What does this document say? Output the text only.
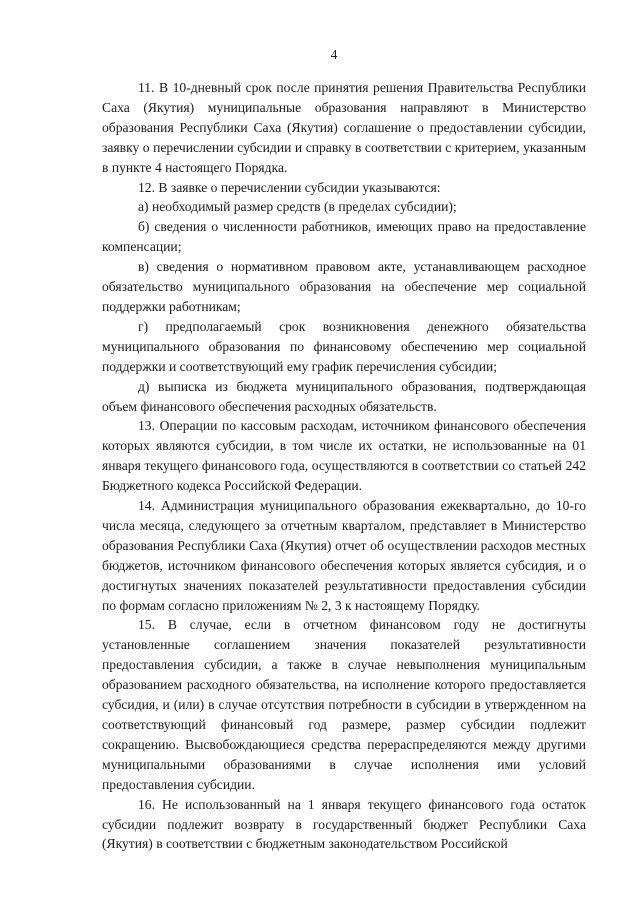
4

11. В 10-дневный срок после принятия решения Правительства Республики Саха (Якутия) муниципальные образования направляют в Министерство образования Республики Саха (Якутия) соглашение о предоставлении субсидии, заявку о перечислении субсидии и справку в соответствии с критерием, указанным в пункте 4 настоящего Порядка.

12. В заявке о перечислении субсидии указываются:

а) необходимый размер средств (в пределах субсидии);

б) сведения о численности работников, имеющих право на предоставление компенсации;

в) сведения о нормативном правовом акте, устанавливающем расходное обязательство муниципального образования на обеспечение мер социальной поддержки работникам;

г) предполагаемый срок возникновения денежного обязательства муниципального образования по финансовому обеспечению мер социальной поддержки и соответствующий ему график перечисления субсидии;

д) выписка из бюджета муниципального образования, подтверждающая объем финансового обеспечения расходных обязательств.

13. Операции по кассовым расходам, источником финансового обеспечения которых являются субсидии, в том числе их остатки, не использованные на 01 января текущего финансового года, осуществляются в соответствии со статьей 242 Бюджетного кодекса Российской Федерации.

14. Администрация муниципального образования ежеквартально, до 10-го числа месяца, следующего за отчетным кварталом, представляет в Министерство образования Республики Саха (Якутия) отчет об осуществлении расходов местных бюджетов, источником финансового обеспечения которых является субсидия, и о достигнутых значениях показателей результативности предоставления субсидии по формам согласно приложениям № 2, 3 к настоящему Порядку.

15. В случае, если в отчетном финансовом году не достигнуты установленные соглашением значения показателей результативности предоставления субсидии, а также в случае невыполнения муниципальным образованием расходного обязательства, на исполнение которого предоставляется субсидия, и (или) в случае отсутствия потребности в субсидии в утвержденном на соответствующий финансовый год размере, размер субсидии подлежит сокращению. Высвобождающиеся средства перераспределяются между другими муниципальными образованиями в случае исполнения ими условий предоставления субсидии.

16. Не использованный на 1 января текущего финансового года остаток субсидии подлежит возврату в государственный бюджет Республики Саха (Якутия) в соответствии с бюджетным законодательством Российской
